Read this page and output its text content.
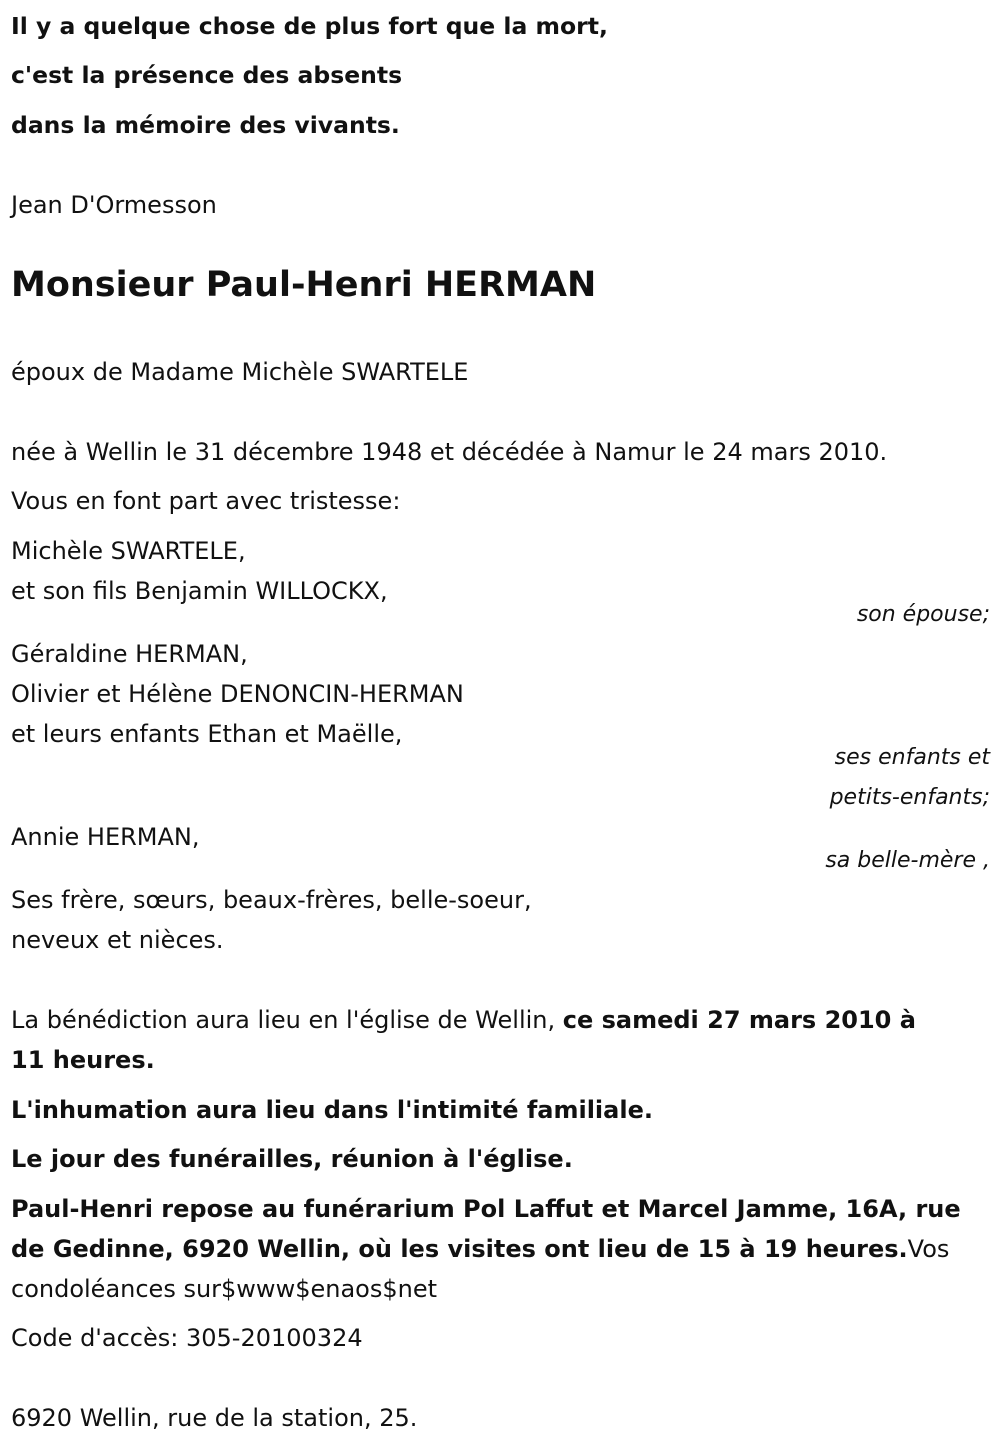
Il y a quelque chose de plus fort que la mort,
c'est la présence des absents
dans la mémoire des vivants.
Jean D'Ormesson
Monsieur Paul-Henri HERMAN
époux de Madame Michèle SWARTELE
née à Wellin le 31 décembre 1948 et décédée à Namur le 24 mars 2010.
Vous en font part avec tristesse:
Michèle SWARTELE,
et son fils Benjamin WILLOCKX,
son épouse;
Géraldine HERMAN,
Olivier et Hélène DENONCIN-HERMAN
et leurs enfants Ethan et Maëlle,
ses enfants et
petits-enfants;
Annie HERMAN,
sa belle-mère ,
Ses frère, sœurs, beaux-frères, belle-soeur,
neveux et nièces.
La bénédiction aura lieu en l'église de Wellin, ce samedi 27 mars 2010 à
11 heures.
L'inhumation aura lieu dans l'intimité familiale.
Le jour des funérailles, réunion à l'église.
Paul-Henri repose au funérarium Pol Laffut et Marcel Jamme, 16A, rue
de Gedinne, 6920 Wellin, où les visites ont lieu de 15 à 19 heures.Vos
condoléances sur$www$enaos$net
Code d'accès: 305-20100324
6920 Wellin, rue de la station, 25.
